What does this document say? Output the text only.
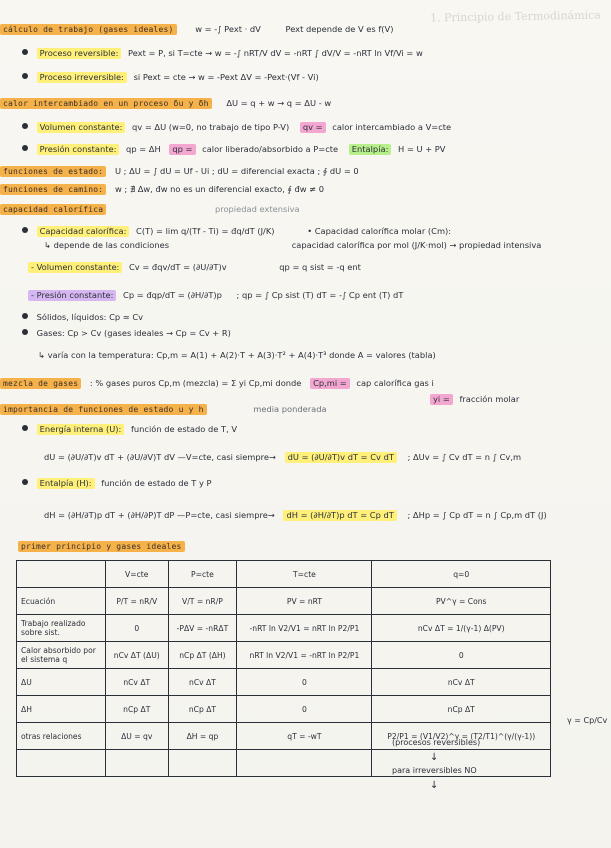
1. Principio de Termodinámica
cálculo de trabajo (gases ideales)	w = -∫ Pext · dV	Pext depende de V es f(V)
Proceso reversible: Pext = P, si T=cte → w = -∫ nRT/V dV = -nRT ∫ dV/V = -nRT ln Vf/Vi = w
Proceso irreversible: si Pext = cte → w = -Pext ΔV = -Pext·(Vf - Vi)
calor intercambiado en un proceso δu y δh ΔU = q + w → q = ΔU - w
Volumen constante: qv = ΔU (w=0, no trabajo de tipo P-V) qv = calor intercambiado a V=cte
Presión constante: qp = ΔH qp = calor liberado/absorbido a P=cte Entalpía: H = U + PV
funciones de estado: U ; ΔU = ∫ dU = Uf - Ui ; dU = diferencial exacta ; ∮ dU = 0
funciones de camino: w ; ∄ Δw, đw no es un diferencial exacto, ∮ đw ≠ 0
capacidad calorífica	propiedad extensiva
Capacidad calorífica: C(T) = lim q/(Tf - Ti) = đq/dT (J/K)	• Capacidad calorífica molar (Cm):
↳ depende de las condiciones	capacidad calorífica por mol (J/K·mol) → propiedad intensiva
- Volumen constante: Cv = đqv/dT = (∂U/∂T)v	qp = q sist = -q ent
- Presión constante: Cp = đqp/dT = (∂H/∂T)p ; qp = ∫ Cp sist (T) dT = -∫ Cp ent (T) dT
Sólidos, líquidos: Cp ≃ Cv
Gases: Cp > Cv (gases ideales → Cp = Cv + R)
↳ varía con la temperatura: Cp,m = A(1) + A(2)·T + A(3)·T² + A(4)·T³ donde A = valores (tabla)
mezcla de gases : % gases puros Cp,m (mezcla) = Σ yi Cp,mi donde Cp,mi = cap calorífica gas i
yi = fracción molar
importancia de funciones de estado u y h	media ponderada
Energía interna (U): función de estado de T, V
dU = (∂U/∂T)v dT + (∂U/∂V)T dV —V=cte, casi siempre→ dU = (∂U/∂T)v dT = Cv dT ; ΔUv = ∫ Cv dT = n ∫ Cv,m
Entalpía (H): función de estado de T y P
dH = (∂H/∂T)p dT + (∂H/∂P)T dP —P=cte, casi siempre→ dH = (∂H/∂T)p dT = Cp dT ; ΔHp = ∫ Cp dT = n ∫ Cp,m dT (J)
primer principio y gases ideales
	V=cte	P=cte	T=cte	q=0
Ecuación	P/T = nR/V	V/T = nR/P	PV = nRT	PV^γ = Cons
Trabajo realizado sobre sist.	0	-PΔV = -nRΔT	-nRT ln V2/V1 = nRT ln P2/P1	nCv ΔT = 1/(γ-1) Δ(PV)
Calor absorbido por el sistema q	nCv ΔT (ΔU)	nCp ΔT (ΔH)	nRT ln V2/V1 = -nRT ln P2/P1	0
ΔU	nCv ΔT	nCv ΔT	0	nCv ΔT
ΔH	nCp ΔT	nCp ΔT	0	nCp ΔT
otras relaciones	ΔU = qv	ΔH = qp	qT = -wT	P2/P1 = (V1/V2)^γ = (T2/T1)^(γ/(γ-1))

γ = Cp/Cv
(procesos reversibles)
↓
para irreversibles NO
↓
